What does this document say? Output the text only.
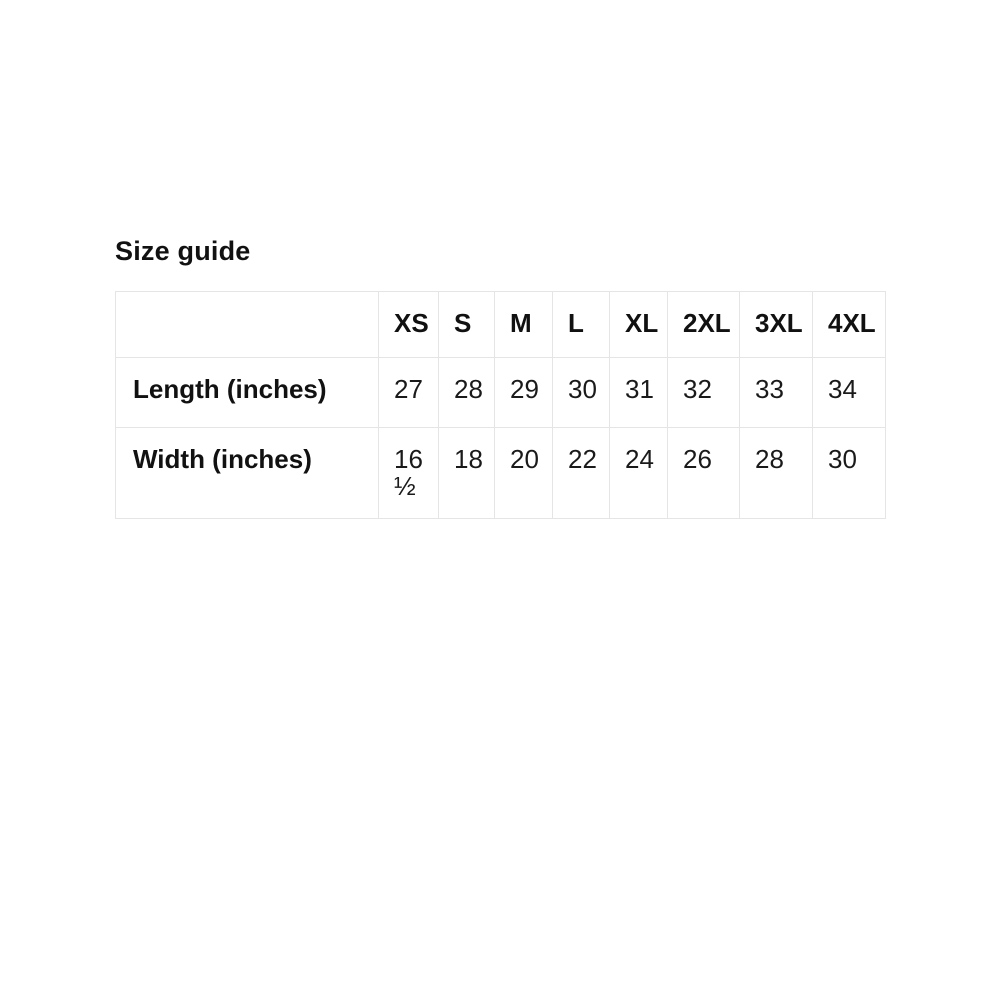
Size guide
	XS	S	M	L	XL	2XL	3XL	4XL
Length (inches)	27	28	29	30	31	32	33	34
Width (inches)	16 ½	18	20	22	24	26	28	30
